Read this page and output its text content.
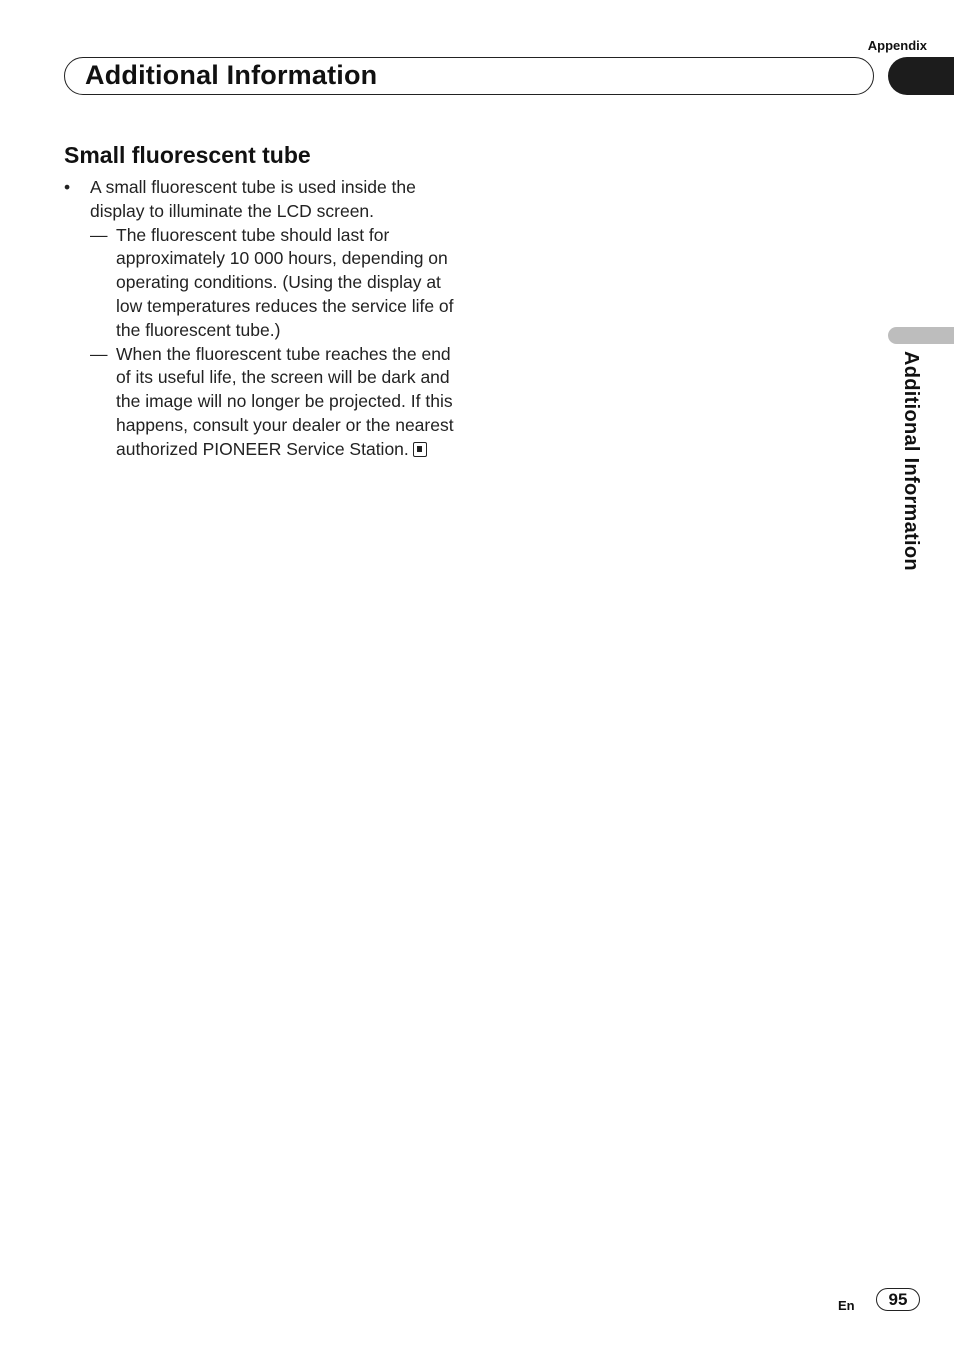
Appendix
Additional Information
Additional Information
Small fluorescent tube
• A small fluorescent tube is used inside the display to illuminate the LCD screen.
— The fluorescent tube should last for approximately 10 000 hours, depending on operating conditions. (Using the display at low temperatures reduces the service life of the fluorescent tube.)
— When the fluorescent tube reaches the end of its useful life, the screen will be dark and the image will no longer be projected. If this happens, consult your dealer or the nearest authorized PIONEER Service Station.
En	95
